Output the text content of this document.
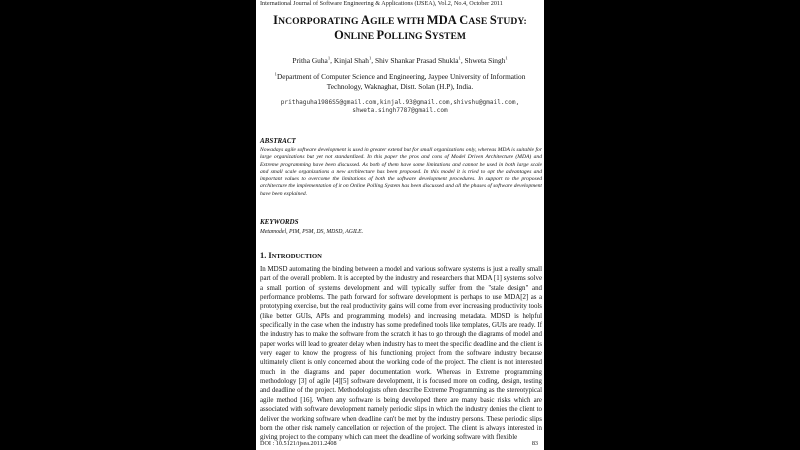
International Journal of Software Engineering & Applications (IJSEA), Vol.2, No.4, October 2011
INCORPORATING AGILE WITH MDA CASE STUDY:
ONLINE POLLING SYSTEM
Pritha Guha$^1$, Kinjal Shah$^1$, Shiv Shankar Prasad Shukla$^1$, Shweta Singh$^1$
$^1$Department of Computer Science and Engineering, Jaypee University of Information
Technology, Waknaghat, Distt. Solan (H.P), India.
prithaguha1986S5@gmail.com,kinjal.93@gmail.com,shivshu@gmail.com,
shweta.singh7787@gmail.com
ABSTRACT
Nowadays agile software development is used in greater extend but for small organizations only, whereas MDA is suitable for large organizations but yet not standardized. In this paper the pros and cons of Model Driven Architecture (MDA) and Extreme programming have been discussed. As both of them have some limitations and cannot be used in both large scale and small scale organizations a new architecture has been proposed. In this model it is tried to opt the advantages and important values to overcome the limitations of both the software development procedures. In support to the proposed architecture the implementation of it on Online Polling System has been discussed and all the phases of software development have been explained.
KEYWORDS
Metamodel, PIM, PSM, DS, MDSD, AGILE.
1. INTRODUCTION
In MDSD automating the binding between a model and various software systems is just a really small part of the overall problem. It is accepted by the industry and researchers that MDA [1] systems solve a small portion of systems development and will typically suffer from the "stale design" and performance problems. The path forward for software development is perhaps to use MDA[2] as a prototyping exercise, but the real productivity gains will come from ever increasing productivity tools (like better GUIs, APIs and programming models) and increasing metadata. MDSD is helpful specifically in the case when the industry has some predefined tools like templates, GUIs are ready. If the industry has to make the software from the scratch it has to go through the diagrams of model and paper works will lead to greater delay when industry has to meet the specific deadline and the client is very eager to know the progress of his functioning project from the software industry because ultimately client is only concerned about the working code of the project. The client is not interested much in the diagrams and paper documentation work. Whereas in Extreme programming methodology [3] of agile [4][5] software development, it is focused more on coding, design, testing and deadline of the project. Methodologists often describe Extreme Programming as the stereotypical agile method [16]. When any software is being developed there are many basic risks which are associated with software development namely periodic slips in which the industry denies the client to deliver the working software when deadline can't be met by the industry persons. These periodic slips born the other risk namely cancellation or rejection of the project. The client is always interested in giving project to the company which can meet the deadline of working software with flexible
DOI : 10.5121/ijsea.2011.2408	83
